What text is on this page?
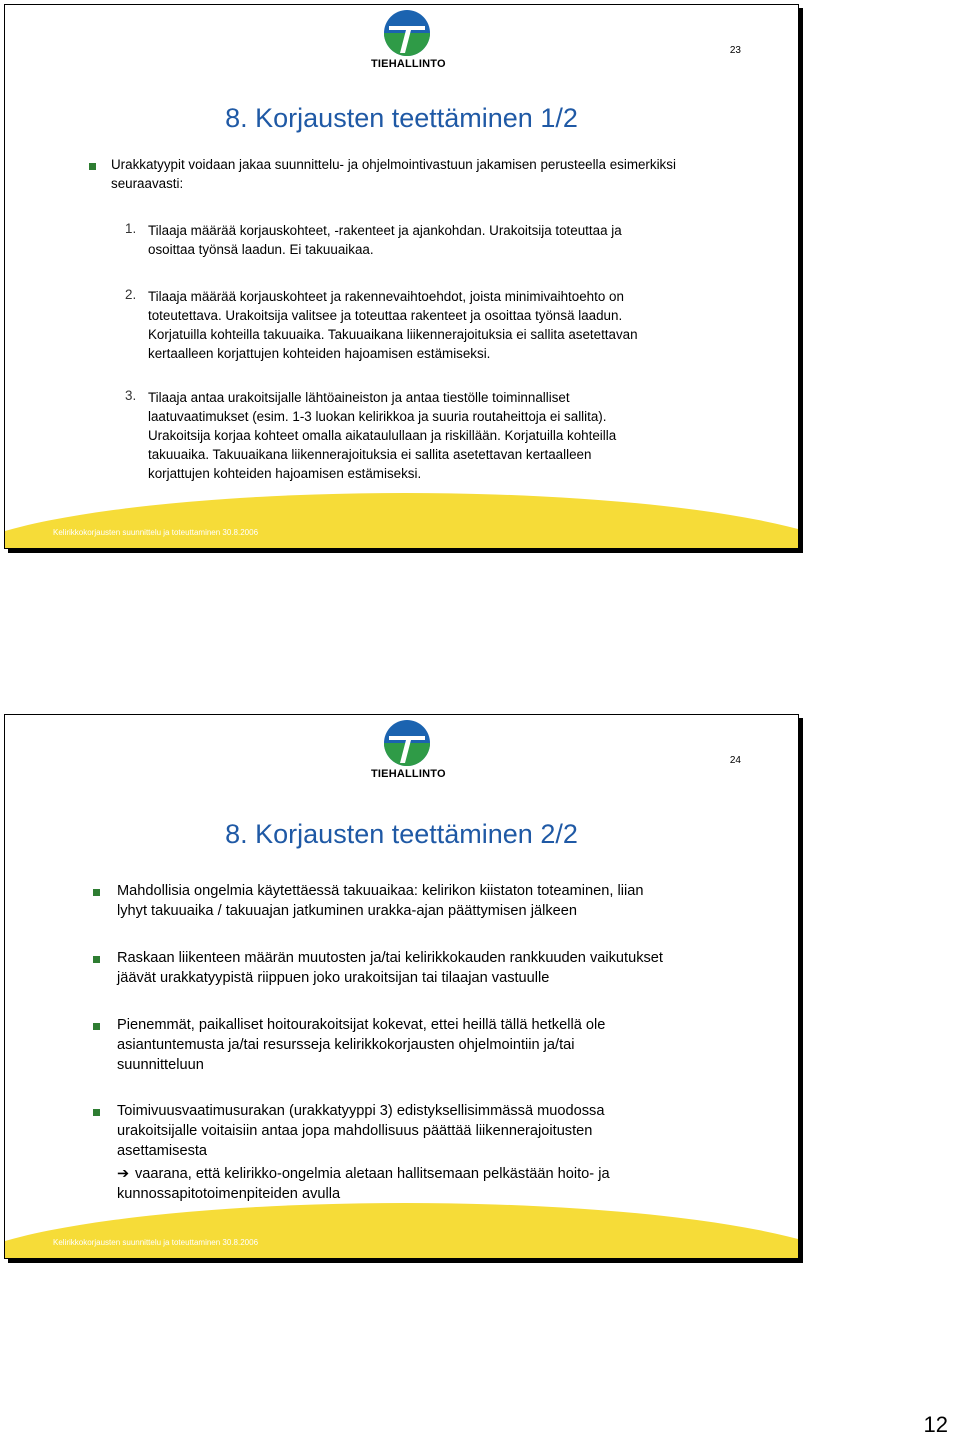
TIEHALLINTO
23
8. Korjausten teettäminen 1/2

Urakkatyypit voidaan jakaa suunnittelu- ja ohjelmointivastuun jakamisen perusteella esimerkiksi seuraavasti:

1. Tilaaja määrää korjauskohteet, -rakenteet ja ajankohdan. Urakoitsija toteuttaa ja
osoittaa työnsä laadun. Ei takuuaikaa.
2. Tilaaja määrää korjauskohteet ja rakennevaihtoehdot, joista minimivaihtoehto on
toteutettava. Urakoitsija valitsee ja toteuttaa rakenteet ja osoittaa työnsä laadun.
Korjatuilla kohteilla takuuaika. Takuuaikana liikennerajoituksia ei sallita asetettavan
kertaalleen korjattujen kohteiden hajoamisen estämiseksi.
3. Tilaaja antaa urakoitsijalle lähtöaineiston ja antaa tiestölle toiminnalliset
laatuvaatimukset (esim. 1-3 luokan kelirikkoa ja suuria routaheittoja ei sallita).
Urakoitsija korjaa kohteet omalla aikataulullaan ja riskillään. Korjatuilla kohteilla
takuuaika. Takuuaikana liikennerajoituksia ei sallita asetettavan kertaalleen
korjattujen kohteiden hajoamisen estämiseksi.
Kelirikkokorjausten suunnittelu ja toteuttaminen 30.8.2006
TIEHALLINTO
24
8. Korjausten teettäminen 2/2
Mahdollisia ongelmia käytettäessä takuuaikaa: kelirikon kiistaton toteaminen, liian
lyhyt takuuaika / takuuajan jatkuminen urakka-ajan päättymisen jälkeen
Raskaan liikenteen määrän muutosten ja/tai kelirikkokauden rankkuuden vaikutukset
jäävät urakkatyypistä riippuen joko urakoitsijan tai tilaajan vastuulle
Pienemmät, paikalliset hoitourakoitsijat kokevat, ettei heillä tällä hetkellä ole
asiantuntemusta ja/tai resursseja kelirikkokorjausten ohjelmointiin ja/tai
suunnitteluun
Toimivuusvaatimusurakan (urakkatyyppi 3) edistyksellisimmässä muodossa
urakoitsijalle voitaisiin antaa jopa mahdollisuus päättää liikennerajoitusten
asettamisesta
➔ vaarana, että kelirikko-ongelmia aletaan hallitsemaan pelkästään hoito- ja
kunnossapitotoimenpiteiden avulla
Kelirikkokorjausten suunnittelu ja toteuttaminen 30.8.2006
12
